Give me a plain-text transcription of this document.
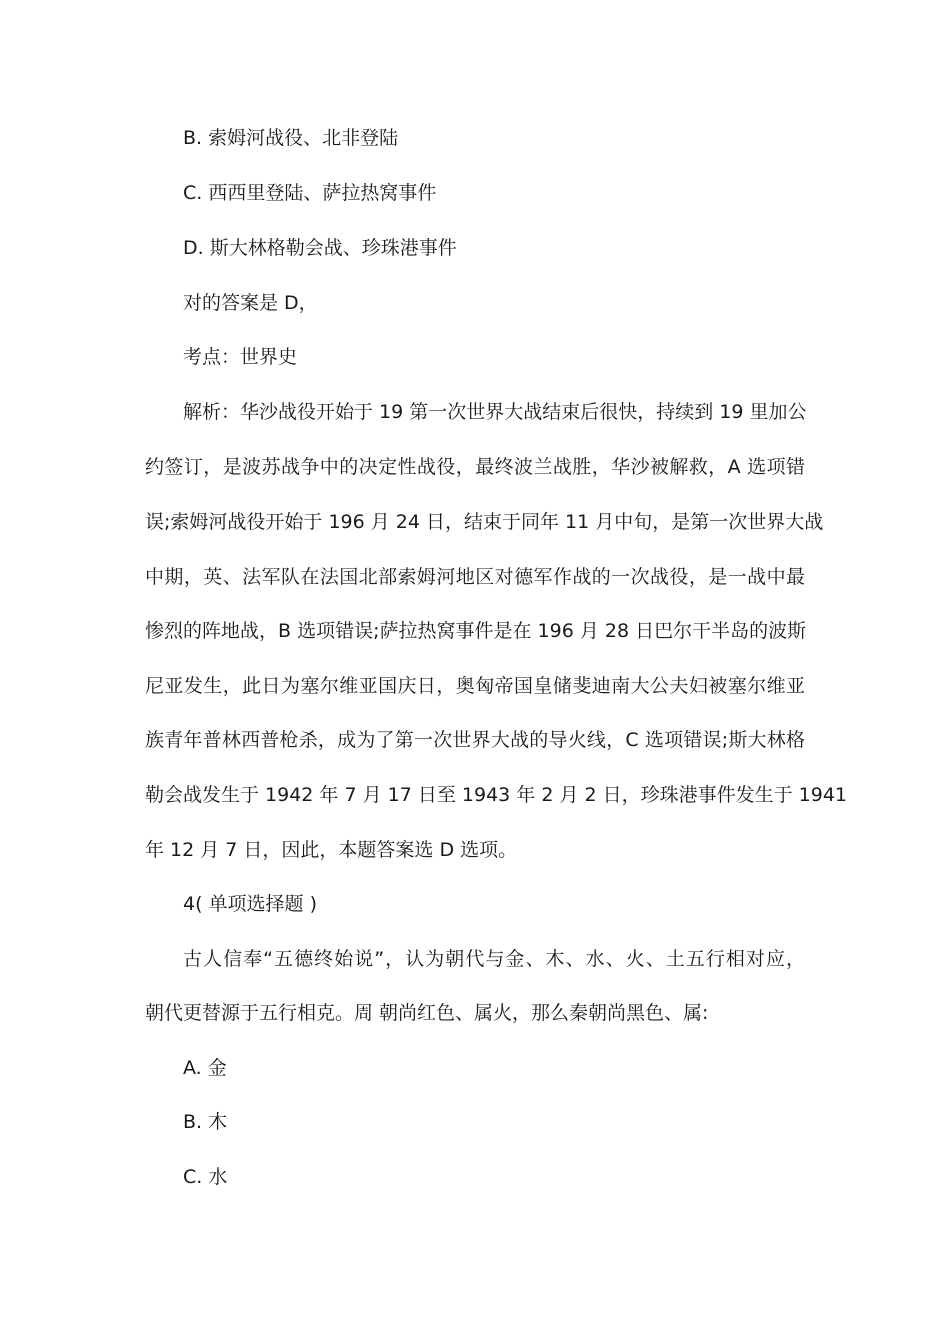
B. 索姆河战役、北非登陆
C. 西西里登陆、萨拉热窝事件
D. 斯大林格勒会战、珍珠港事件
对的答案是 D，
考点：世界史
解析：华沙战役开始于 19 第一次世界大战结束后很快，持续到 19 里加公
约签订，是波苏战争中的决定性战役，最终波兰战胜，华沙被解救，A 选项错
误;索姆河战役开始于 196 月 24 日，结束于同年 11 月中旬，是第一次世界大战
中期，英、法军队在法国北部索姆河地区对德军作战的一次战役，是一战中最
惨烈的阵地战，B 选项错误;萨拉热窝事件是在 196 月 28 日巴尔干半岛的波斯
尼亚发生，此日为塞尔维亚国庆日，奥匈帝国皇储斐迪南大公夫妇被塞尔维亚
族青年普林西普枪杀，成为了第一次世界大战的导火线，C 选项错误;斯大林格
勒会战发生于 1942 年 7 月 17 日至 1943 年 2 月 2 日，珍珠港事件发生于 1941
年 12 月 7 日，因此，本题答案选 D 选项。
4( 单项选择题 )
古人信奉“五德终始说”，认为朝代与金、木、水、火、土五行相对应，
朝代更替源于五行相克。周 朝尚红色、属火，那么秦朝尚黑色、属:
A. 金
B. 木
C. 水
